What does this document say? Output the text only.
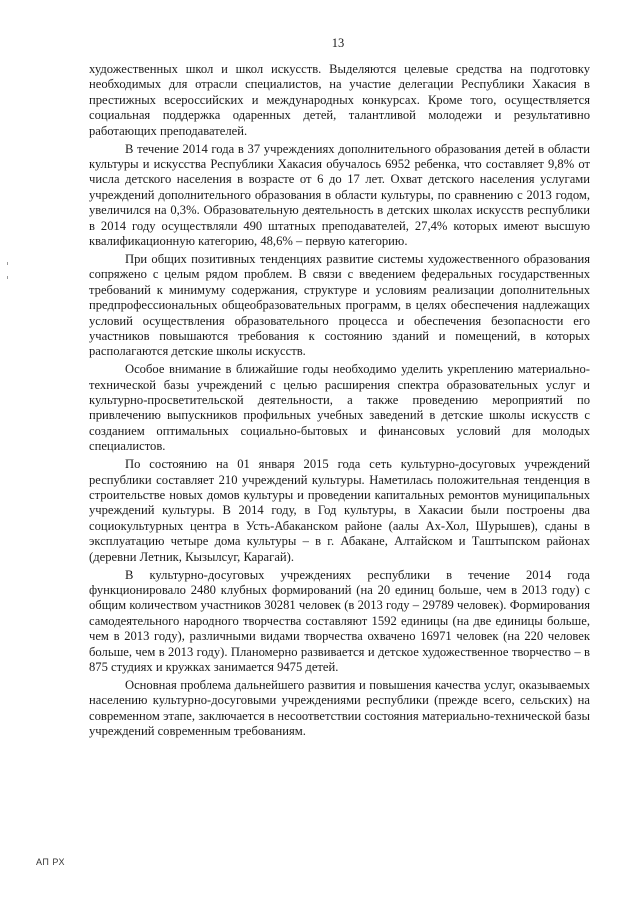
13

художественных школ и школ искусств. Выделяются целевые средства на подготовку необходимых для отрасли специалистов, на участие делегации Республики Хакасия в престижных всероссийских и международных конкурсах. Кроме того, осуществляется социальная поддержка одаренных детей, талантливой молодежи и результативно работающих преподавателей.

В течение 2014 года в 37 учреждениях дополнительного образования детей в области культуры и искусства Республики Хакасия обучалось 6952 ребенка, что составляет 9,8% от числа детского населения в возрасте от 6 до 17 лет. Охват детского населения услугами учреждений дополнительного образования в области культуры, по сравнению с 2013 годом, увеличился на 0,3%. Образовательную деятельность в детских школах искусств республики в 2014 году осуществляли 490 штатных преподавателей, 27,4% которых имеют высшую квалификационную категорию, 48,6% – первую категорию.

При общих позитивных тенденциях развитие системы художественного образования сопряжено с целым рядом проблем. В связи с введением федеральных государственных требований к минимуму содержания, структуре и условиям реализации дополнительных предпрофессиональных общеобразовательных программ, в целях обеспечения надлежащих условий осуществления образовательного процесса и обеспечения безопасности его участников повышаются требования к состоянию зданий и помещений, в которых располагаются детские школы искусств.

Особое внимание в ближайшие годы необходимо уделить укреплению материально-технической базы учреждений с целью расширения спектра образовательных услуг и культурно-просветительской деятельности, а также проведению мероприятий по привлечению выпускников профильных учебных заведений в детские школы искусств с созданием оптимальных социально-бытовых и финансовых условий для молодых специалистов.

По состоянию на 01 января 2015 года сеть культурно-досуговых учреждений республики составляет 210 учреждений культуры. Наметилась положительная тенденция в строительстве новых домов культуры и проведении капитальных ремонтов муниципальных учреждений культуры. В 2014 году, в Год культуры, в Хакасии были построены два социокультурных центра в Усть-Абаканском районе (аалы Ах-Хол, Шурышев), сданы в эксплуатацию четыре дома культуры – в г. Абакане, Алтайском и Таштыпском районах (деревни Летник, Кызылсуг, Карагай).

В культурно-досуговых учреждениях республики в течение 2014 года функционировало 2480 клубных формирований (на 20 единиц больше, чем в 2013 году) с общим количеством участников 30281 человек (в 2013 году – 29789 человек). Формирования самодеятельного народного творчества составляют 1592 единицы (на две единицы больше, чем в 2013 году), различными видами творчества охвачено 16971 человек (на 220 человек больше, чем в 2013 году). Планомерно развивается и детское художественное творчество – в 875 студиях и кружках занимается 9475 детей.

Основная проблема дальнейшего развития и повышения качества услуг, оказываемых населению культурно-досуговыми учреждениями республики (прежде всего, сельских) на современном этапе, заключается в несоответствии состояния материально-технической базы учреждений современным требованиям.

АП РХ
